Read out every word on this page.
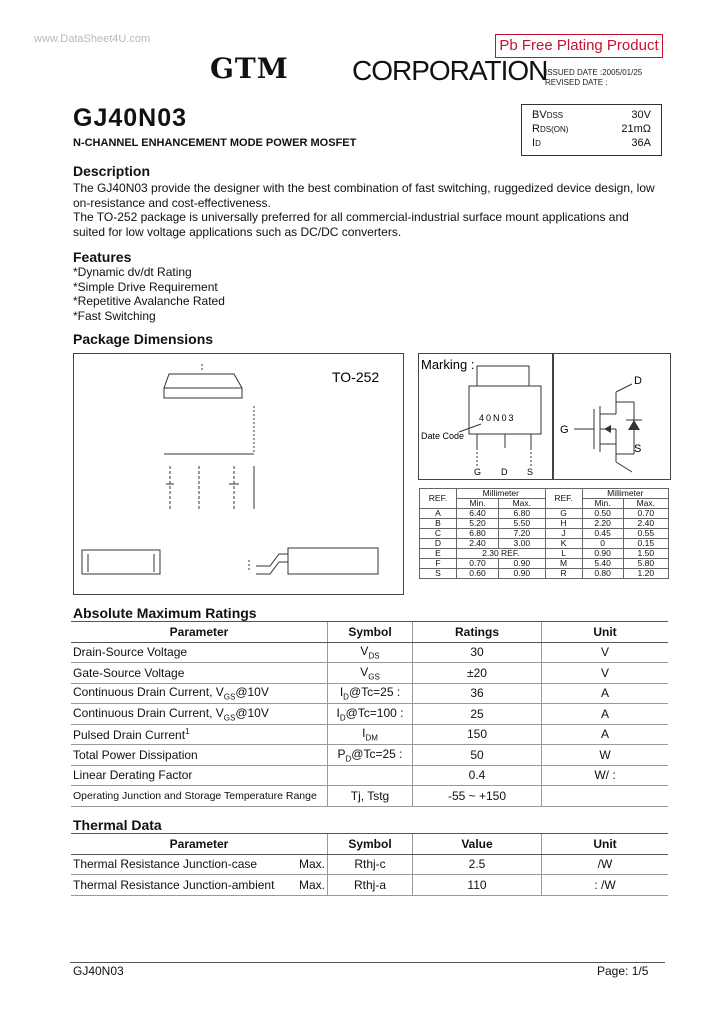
www.DataSheet4U.com	Pb Free Plating Product
GTM CORPORATION
ISSUED DATE :2005/01/25
REVISED DATE :
GJ40N03
N-CHANNEL ENHANCEMENT MODE POWER MOSFET
BVDSS	30V
RDS(ON)	21mΩ
ID	36A
Description
The GJ40N03 provide the designer with the best combination of fast switching, ruggedized device design, low
on-resistance and cost-effectiveness.
The TO-252 package is universally preferred for all commercial-industrial surface mount applications and
suited for low voltage applications such as DC/DC converters.
Features
*Dynamic dv/dt Rating
*Simple Drive Requirement
*Repetitive Avalanche Rated
*Fast Switching
Package Dimensions
TO-252
Marking :
40N03
Date Code
G D S
D
G
S
REF.	Millimeter		REF.	Millimeter	
	Min.	Max.		Min.	Max.
A	6.40	6.80	G	0.50	0.70
B	5.20	5.50	H	2.20	2.40
C	6.80	7.20	J	0.45	0.55
D	2.40	3.00	K	0	0.15
E	2.30 REF.		L	0.90	1.50
F	0.70	0.90	M	5.40	5.80
S	0.60	0.90	R	0.80	1.20
Absolute Maximum Ratings
Parameter	Symbol	Ratings	Unit
Drain-Source Voltage	$V_{DS}$	30	V
Gate-Source Voltage	$V_{GS}$	±20	V
Continuous Drain Current, $V_{GS}@10V$	$I_D@Tc=25$ :	36	A
Continuous Drain Current, $V_{GS}@10V$	$I_D@Tc=100$ :	25	A
Pulsed Drain Current$^1$	$I_{DM}$	150	A
Total Power Dissipation	$P_D@Tc=25$ :	50	W
Linear Derating Factor		0.4	W/ :
Operating Junction and Storage Temperature Range	Tj, Tstg	-55 ~ +150	
Thermal Data
Parameter	Symbol	Value	Unit
Thermal Resistance Junction-case Max.	Rthj-c	2.5	/W
Thermal Resistance Junction-ambient Max.	Rthj-a	110	: /W
GJ40N03	Page: 1/5
